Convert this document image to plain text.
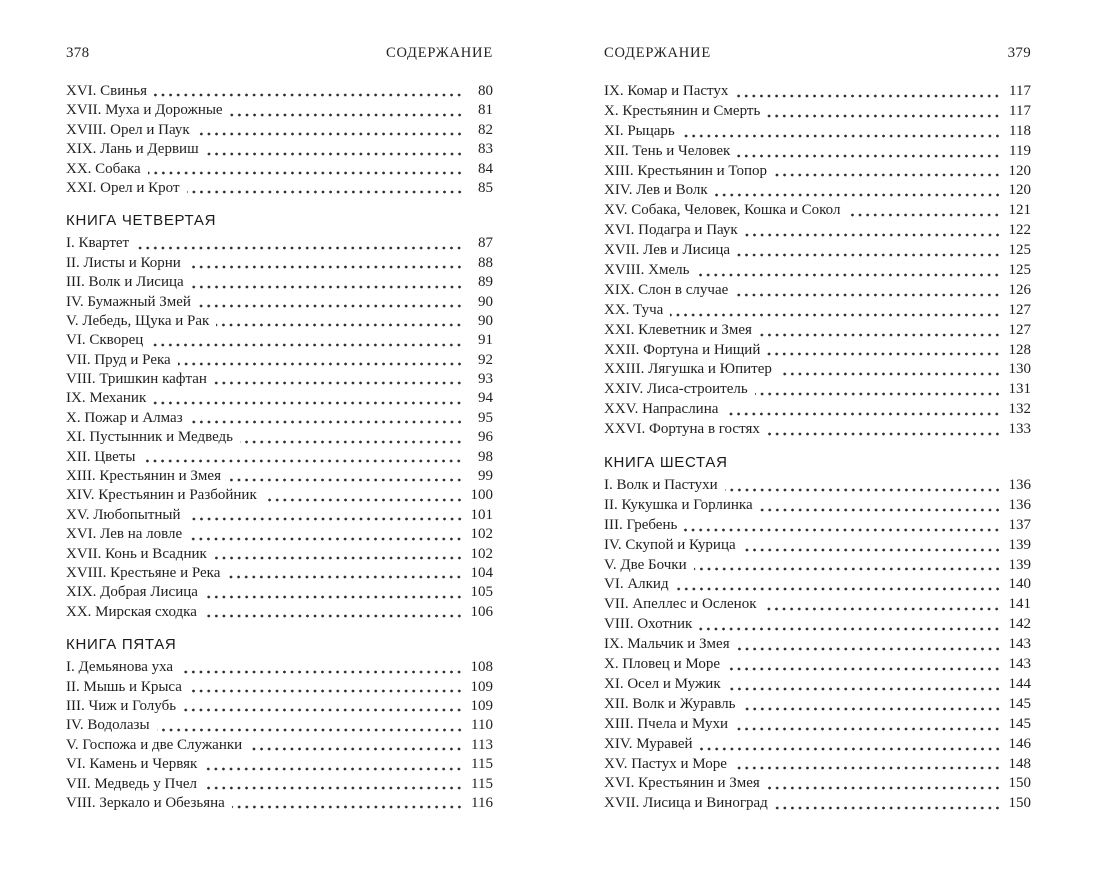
378	СОДЕРЖАНИЕ
XVI. Свинья	80
XVII. Муха и Дорожные	81
XVIII. Орел и Паук	82
XIX. Лань и Дервиш	83
XX. Собака	84
XXI. Орел и Крот	85
КНИГА ЧЕТВЕРТАЯ
I. Квартет	87
II. Листы и Корни	88
III. Волк и Лисица	89
IV. Бумажный Змей	90
V. Лебедь, Щука и Рак	90
VI. Скворец	91
VII. Пруд и Река	92
VIII. Тришкин кафтан	93
IX. Механик	94
X. Пожар и Алмаз	95
XI. Пустынник и Медведь	96
XII. Цветы	98
XIII. Крестьянин и Змея	99
XIV. Крестьянин и Разбойник	100
XV. Любопытный	101
XVI. Лев на ловле	102
XVII. Конь и Всадник	102
XVIII. Крестьяне и Река	104
XIX. Добрая Лисица	105
XX. Мирская сходка	106
КНИГА ПЯТАЯ
I. Демьянова уха	108
II. Мышь и Крыса	109
III. Чиж и Голубь	109
IV. Водолазы	110
V. Госпожа и две Служанки	113
VI. Камень и Червяк	115
VII. Медведь у Пчел	115
VIII. Зеркало и Обезьяна	116
СОДЕРЖАНИЕ	379
IX. Комар и Пастух	117
X. Крестьянин и Смерть	117
XI. Рыцарь	118
XII. Тень и Человек	119
XIII. Крестьянин и Топор	120
XIV. Лев и Волк	120
XV. Собака, Человек, Кошка и Сокол	121
XVI. Подагра и Паук	122
XVII. Лев и Лисица	125
XVIII. Хмель	125
XIX. Слон в случае	126
XX. Туча	127
XXI. Клеветник и Змея	127
XXII. Фортуна и Нищий	128
XXIII. Лягушка и Юпитер	130
XXIV. Лиса-строитель	131
XXV. Напраслина	132
XXVI. Фортуна в гостях	133
КНИГА ШЕСТАЯ
I. Волк и Пастухи	136
II. Кукушка и Горлинка	136
III. Гребень	137
IV. Скупой и Курица	139
V. Две Бочки	139
VI. Алкид	140
VII. Апеллес и Осленок	141
VIII. Охотник	142
IX. Мальчик и Змея	143
X. Пловец и Море	143
XI. Осел и Мужик	144
XII. Волк и Журавль	145
XIII. Пчела и Мухи	145
XIV. Муравей	146
XV. Пастух и Море	148
XVI. Крестьянин и Змея	150
XVII. Лисица и Виноград	150
